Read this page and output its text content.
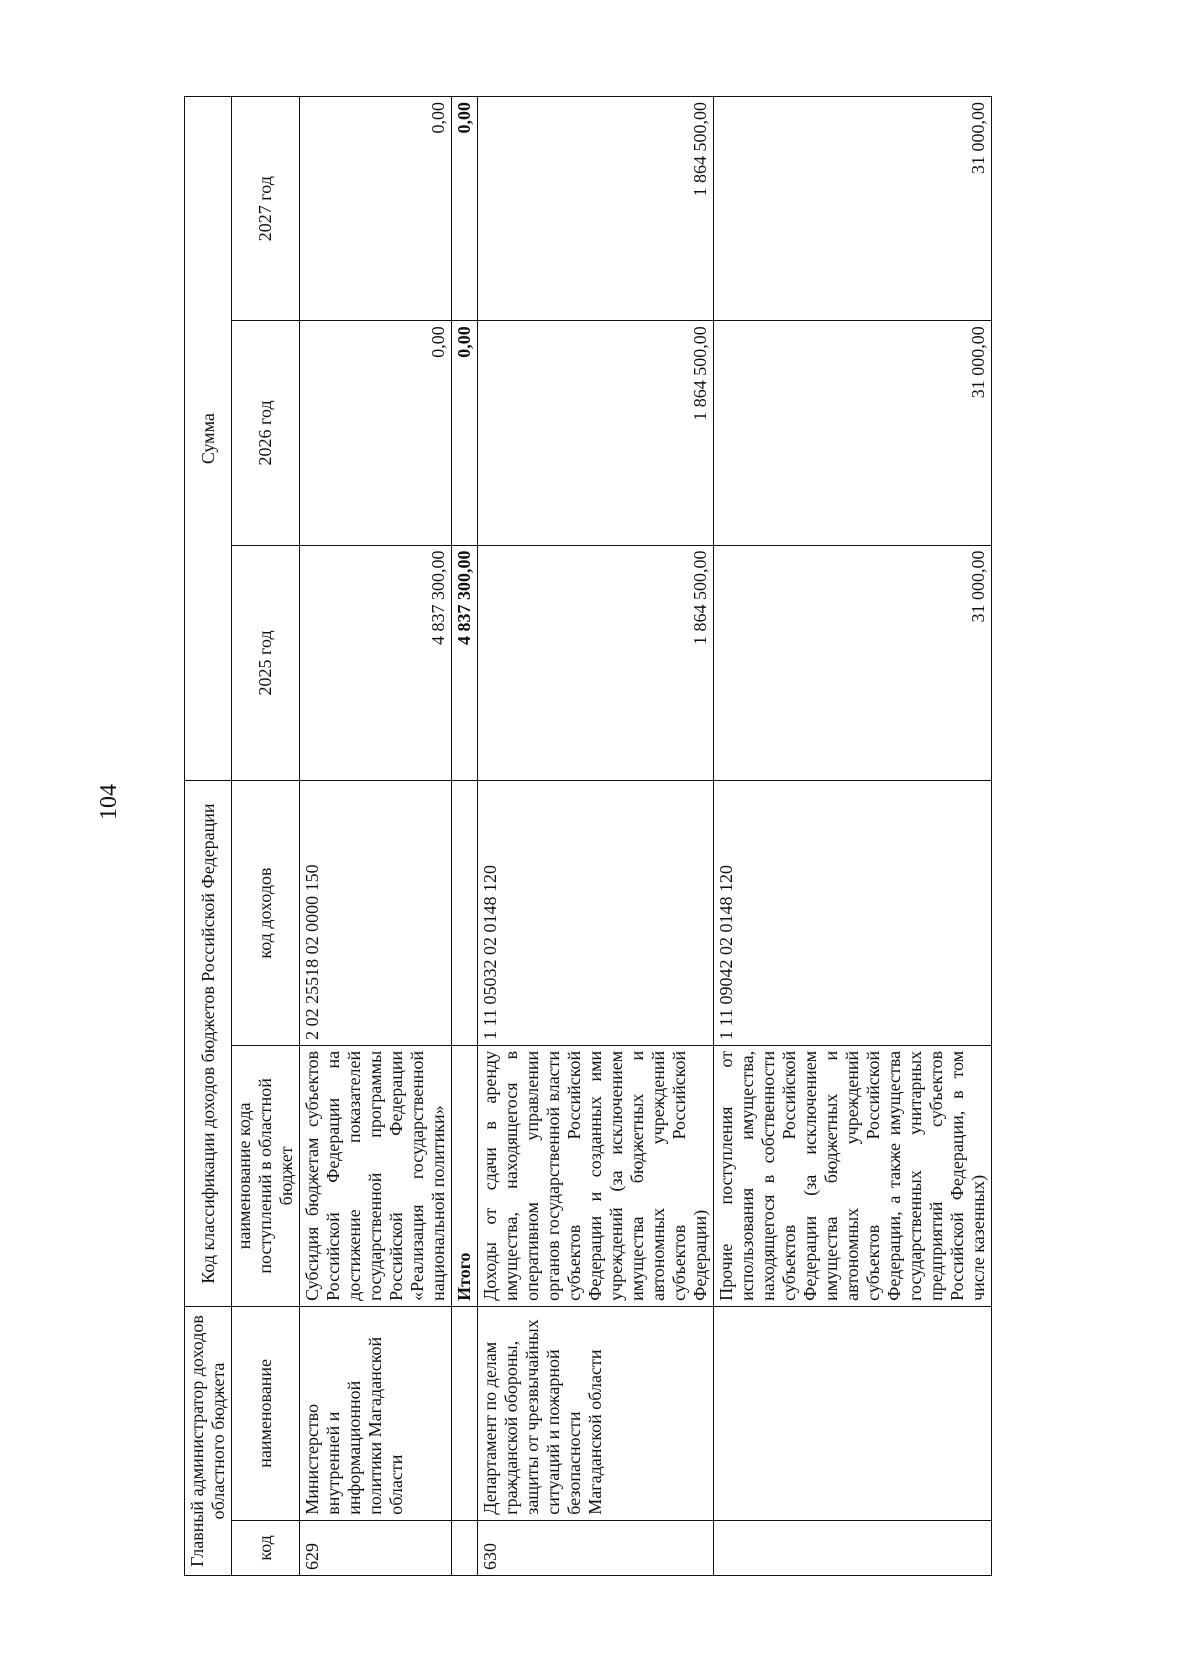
104
Главный администратор доходов областного бюджета		Код классификации доходов бюджетов Российской Федерации		Сумма		
код	наименование	наименование кода поступлений в областной бюджет	код доходов	2025 год	2026 год	2027 год
629	Министерство внутренней и информационной политики Магаданской области	Субсидия бюджетам субъектов Российской Федерации на достижение показателей государственной программы Российской Федерации «Реализация государственной национальной политики»	2 02 25518 02 0000 150	4 837 300,00	0,00	0,00
		Итого		4 837 300,00	0,00	0,00
630	Департамент по делам гражданской обороны, защиты от чрезвычайных ситуаций и пожарной безопасности Магаданской области	Доходы от сдачи в аренду имущества, находящегося в оперативном управлении органов государственной власти субъектов Российской Федерации и созданных ими учреждений (за исключением имущества бюджетных и автономных учреждений субъектов Российской Федерации)	1 11 05032 02 0148 120	1 864 500,00	1 864 500,00	1 864 500,00
		Прочие поступления от использования имущества, находящегося в собственности субъектов Российской Федерации (за исключением имущества бюджетных и автономных учреждений субъектов Российской Федерации, а также имущества государственных унитарных предприятий субъектов Российской Федерации, в том числе казенных)	1 11 09042 02 0148 120	31 000,00	31 000,00	31 000,00
